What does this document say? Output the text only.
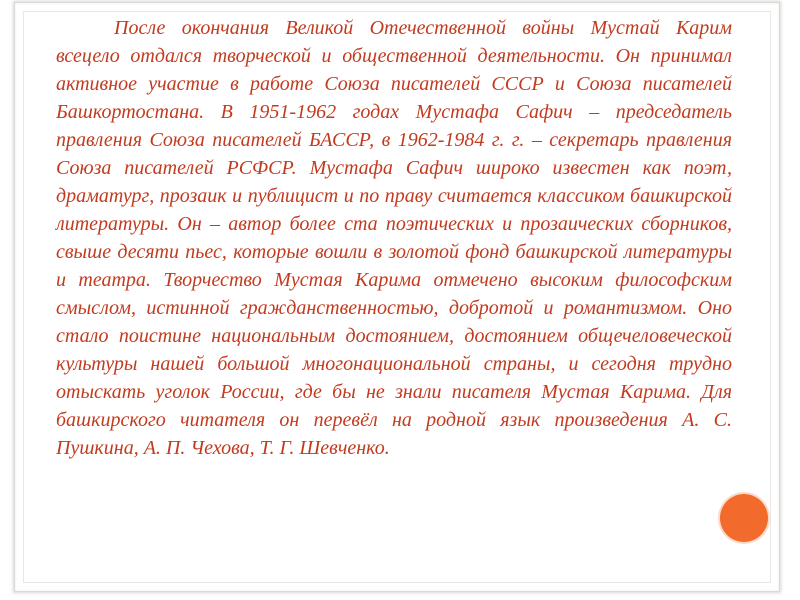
После окончания Великой Отечественной войны Мустай Карим всецело отдался творческой и общественной деятельности. Он принимал активное участие в работе Союза писателей СССР и Союза писателей Башкортостана. В 1951-1962 годах Мустафа Сафич – председатель правления Союза писателей БАССР, в 1962-1984 г. г. – секретарь правления Союза писателей РСФСР. Мустафа Сафич широко известен как поэт, драматург, прозаик и публицист и по праву считается классиком башкирской литературы. Он – автор более ста поэтических и прозаических сборников, свыше десяти пьес, которые вошли в золотой фонд башкирской литературы и театра. Творчество Мустая Карима отмечено высоким философским смыслом, истинной гражданственностью, добротой и романтизмом. Оно стало поистине национальным достоянием, достоянием общечеловеческой культуры нашей большой многонациональной страны, и сегодня трудно отыскать уголок России, где бы не знали писателя Мустая Карима. Для башкирского читателя он перевёл на родной язык произведения А. С. Пушкина, А. П. Чехова, Т. Г. Шевченко.
